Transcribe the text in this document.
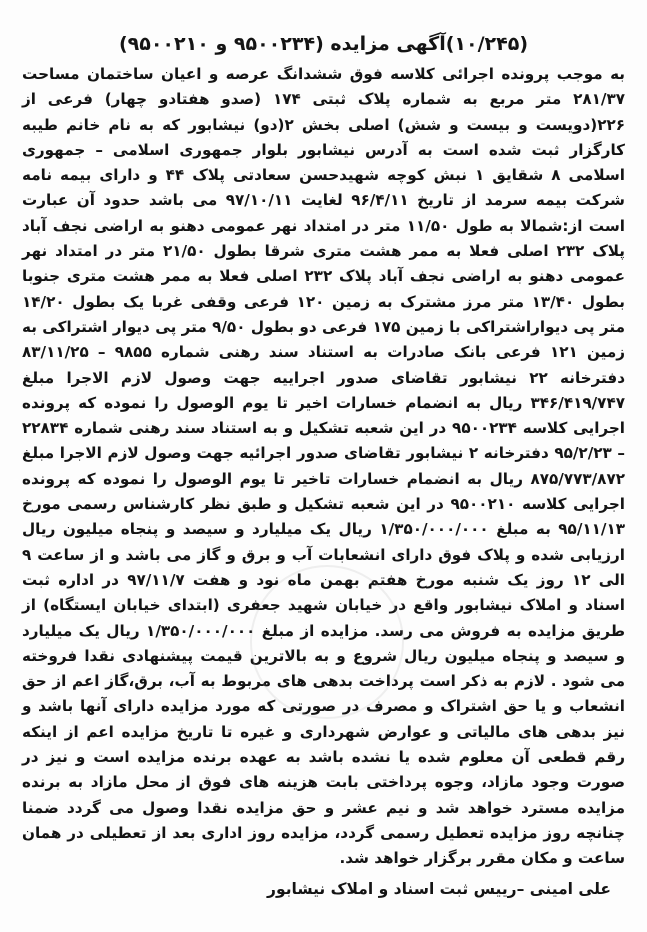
(۱۰/۲۴۵)آگهی مزایده (۹۵۰۰۲۳۴ و ۹۵۰۰۲۱۰)

به موجب پرونده اجرائی کلاسه فوق ششدانگ عرصه و اعیان ساختمان مساحت ۲۸۱/۳۷ متر مربع به شماره پلاک ثبتی ۱۷۴ (صدو هفتادو چهار) فرعی از ۲۲۶(دویست و بیست و شش) اصلی بخش ۲(دو) نیشابور که به نام خانم طیبه کارگزار ثبت شده است به آدرس نیشابور بلوار جمهوری اسلامی – جمهوری اسلامی ۸ شقایق ۱ نبش کوچه شهیدحسن سعادتی پلاک ۴۴ و دارای بیمه نامه شرکت بیمه سرمد از تاریخ ۹۶/۴/۱۱ لغایت ۹۷/۱۰/۱۱ می باشد حدود آن عبارت است از:شمالا به طول ۱۱/۵۰ متر در امتداد نهر عمومی دهنو به اراضی نجف آباد پلاک ۲۳۲ اصلی فعلا به ممر هشت متری شرقا بطول ۲۱/۵۰ متر در امتداد نهر عمومی دهنو به اراضی نجف آباد پلاک ۲۳۲ اصلی فعلا به ممر هشت متری جنوبا بطول ۱۳/۴۰ متر مرز مشترک به زمین ۱۲۰ فرعی وقفی غربا یک بطول ۱۴/۲۰ متر پی دیواراشتراکی با زمین ۱۷۵ فرعی دو بطول ۹/۵۰ متر پی دیوار اشتراکی به زمین ۱۲۱ فرعی بانک صادرات به استناد سند رهنی شماره ۹۸۵۵ – ۸۳/۱۱/۲۵ دفترخانه ۲۲ نیشابور تقاضای صدور اجراییه جهت وصول لازم الاجرا مبلغ ۳۴۶/۴۱۹/۷۴۷ ریال به انضمام خسارات اخیر تا یوم الوصول را نموده که پرونده اجرایی کلاسه ۹۵۰۰۲۳۴ در این شعبه تشکیل و به استناد سند رهنی شماره ۲۲۸۳۴ – ۹۵/۲/۲۳ دفترخانه ۲ نیشابور تقاضای صدور اجرائیه جهت وصول لازم الاجرا مبلغ ۸۷۵/۷۷۳/۸۷۲ ریال به انضمام خسارات تاخیر تا یوم الوصول را نموده که پرونده اجرایی کلاسه ۹۵۰۰۲۱۰ در این شعبه تشکیل و طبق نظر کارشناس رسمی مورخ ۹۵/۱۱/۱۳ به مبلغ ۱/۳۵۰/۰۰۰/۰۰۰ ریال یک میلیارد و سیصد و پنجاه میلیون ریال ارزیابی شده و پلاک فوق دارای انشعابات آب و برق و گاز می باشد و از ساعت ۹ الی ۱۲ روز یک شنبه مورخ هفتم بهمن ماه نود و هفت ۹۷/۱۱/۷ در اداره ثبت اسناد و املاک نیشابور واقع در خیابان شهید جعفری (ابتدای خیابان ایستگاه) از طریق مزایده به فروش می رسد. مزایده از مبلغ ۱/۳۵۰/۰۰۰/۰۰۰ ریال یک میلیارد و سیصد و پنجاه میلیون ریال شروع و به بالاترین قیمت پیشنهادی نقدا فروخته می شود . لازم به ذکر است پرداخت بدهی های مربوط به آب، برق،گاز اعم از حق انشعاب و یا حق اشتراک و مصرف در صورتی که مورد مزایده دارای آنها باشد و نیز بدهی های مالیاتی و عوارض شهرداری و غیره تا تاریخ مزایده اعم از اینکه رقم قطعی آن معلوم شده یا نشده باشد به عهده برنده مزایده است و نیز در صورت وجود مازاد، وجوه پرداختی بابت هزینه های فوق از محل مازاد به برنده مزایده مسترد خواهد شد و نیم عشر و حق مزایده نقدا وصول می گردد ضمنا چنانچه روز مزایده تعطیل رسمی گردد، مزایده روز اداری بعد از تعطیلی در همان ساعت و مکان مقرر برگزار خواهد شد.

علی امینی –رییس ثبت اسناد و املاک نیشابور
